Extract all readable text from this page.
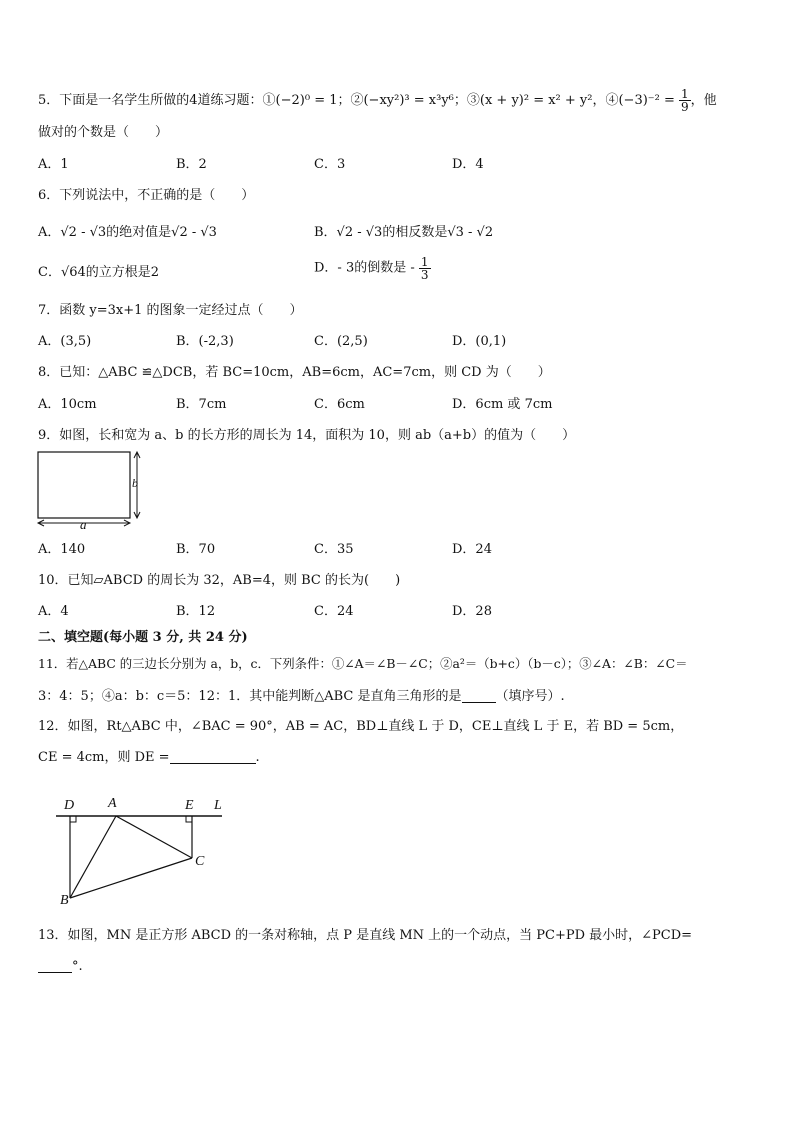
5．下面是一名学生所做的4道练习题：①(−2)⁰ = 1；②(−xy²)³ = x³y⁶；③(x + y)² = x² + y²，④(−3)⁻² = $\frac{1}{9}$ ，他
做对的个数是（　　）
A．1	B．2	C．3	D．4
6．下列说法中，不正确的是（　　）
A．√2 - √3的绝对值是√2 - √3	B．√2 - √3的相反数是√3 - √2
C．√64的立方根是2	D．- 3的倒数是 - $\frac{1}{3}$
7．函数 y=3x+1 的图象一定经过点（　　）
A．(3,5)	B．(-2,3)	C．(2,5)	D．(0,1)
8．已知：△ABC ≌△DCB，若 BC=10cm，AB=6cm，AC=7cm，则 CD 为（　　）
A．10cm	B．7cm	C．6cm	D．6cm 或 7cm
9．如图，长和宽为 a、b 的长方形的周长为 14，面积为 10，则 ab（a+b）的值为（　　）
b
a
A．140	B．70	C．35	D．24
10．已知▱ABCD 的周长为 32，AB=4，则 BC 的长为(　　)
A．4	B．12	C．24	D．28
二、填空题(每小题 3 分, 共 24 分)
11．若△ABC 的三边长分别为 a，b，c．下列条件：①∠A＝∠B－∠C；②a²＝（b+c）（b－c）；③∠A：∠B：∠C＝
3：4：5；④a：b：c＝5：12：1．其中能判断△ABC 是直角三角形的是	（填序号）.
12．如图，Rt△ABC 中，∠BAC = 90°，AB = AC，BD⊥直线 L 于 D，CE⊥直线 L 于 E，若 BD = 5cm，
CE = 4cm，则 DE =	.
D A	E L
C
B
13．如图，MN 是正方形 ABCD 的一条对称轴，点 P 是直线 MN 上的一个动点，当 PC+PD 最小时，∠PCD=
°.
